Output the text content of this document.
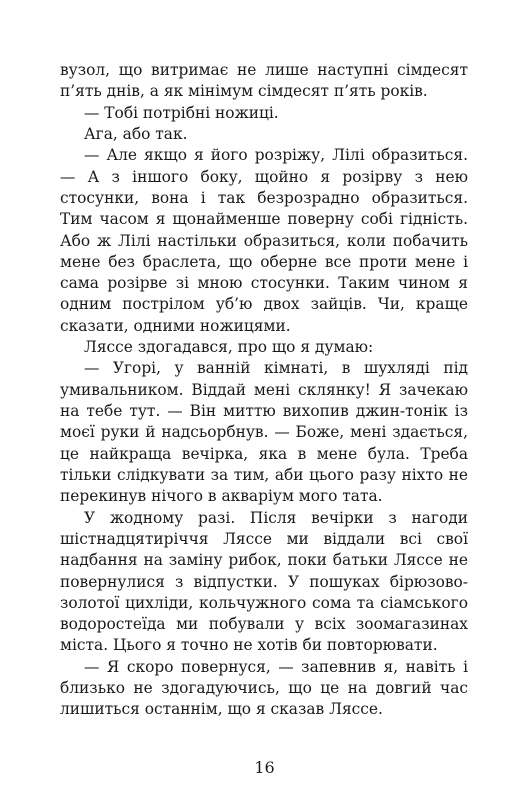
вузол, що витримає не лише наступні сімдесят п’ять днів, а як мінімум сімдесят п’ять років.

— Тобі потрібні ножиці.

Ага, або так.

— Але якщо я його розріжу, Лілі образиться. — А з іншого боку, щойно я розірву з нею стосунки, вона і так безрозрадно образиться. Тим часом я щонайменше поверну собі гідність. Або ж Лілі настільки образиться, коли побачить мене без браслета, що оберне все проти мене і сама розірве зі мною стосунки. Таким чином я одним пострілом уб’ю двох зайців. Чи, краще сказати, одними ножицями.

Ляссе здогадався, про що я думаю:

— Угорі, у ванній кімнаті, в шухляді під умивальником. Віддай мені склянку! Я зачекаю на тебе тут. — Він миттю вихопив джин-тонік із моєї руки й надсьорбнув. — Боже, мені здається, це найкраща вечірка, яка в мене була. Треба тільки слідкувати за тим, аби цього разу ніхто не перекинув нічого в акваріум мого тата.

У жодному разі. Після вечірки з нагоди шістнадцятиріччя Ляссе ми віддали всі свої надбання на заміну рибок, поки батьки Ляссе не повернулися з відпустки. У пошуках бірюзово-золотої цихліди, кольчужного сома та сіамського водоростеїда ми побували у всіх зоомагазинах міста. Цього я точно не хотів би повторювати.

— Я скоро повернуся, — запевнив я, навіть і близько не здогадуючись, що це на довгий час лишиться останнім, що я сказав Ляссе.

16
